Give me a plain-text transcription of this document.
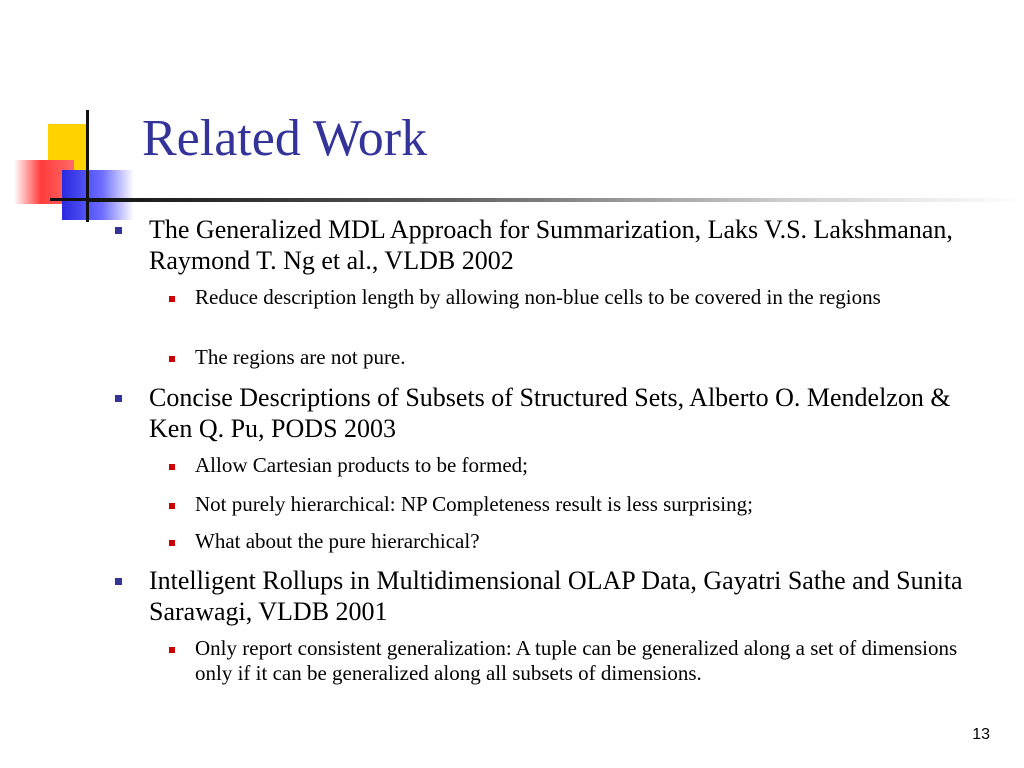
Related Work
The Generalized MDL Approach for Summarization, Laks V.S. Lakshmanan, Raymond T. Ng et al., VLDB 2002
Reduce description length by allowing non-blue cells to be covered in the regions
The regions are not pure.
Concise Descriptions of Subsets of Structured Sets, Alberto O. Mendelzon & Ken Q. Pu, PODS 2003
Allow Cartesian products to be formed;
Not purely hierarchical: NP Completeness result is less surprising;
What about the pure hierarchical?
Intelligent Rollups in Multidimensional OLAP Data, Gayatri Sathe and Sunita Sarawagi, VLDB 2001
Only report consistent generalization: A tuple can be generalized along a set of dimensions only if it can be generalized along all subsets of dimensions.
13
